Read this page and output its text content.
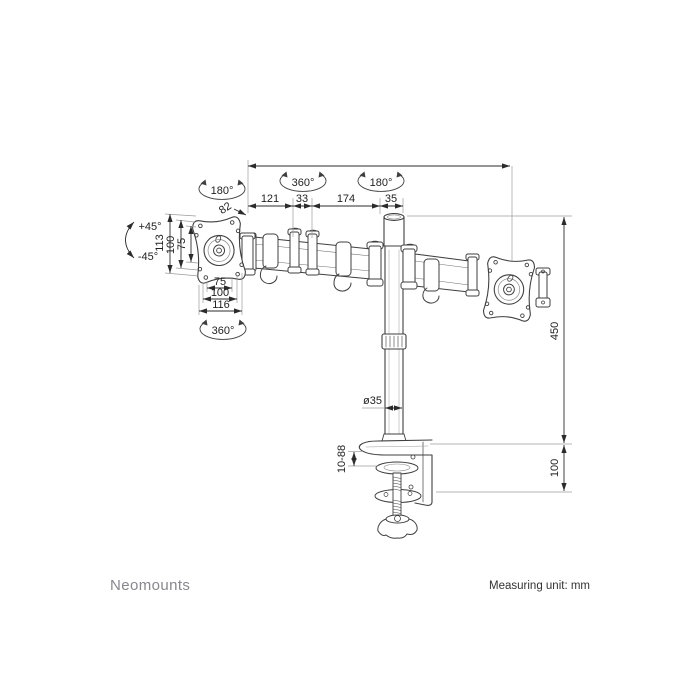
121 33	174	35
82
113 100 75
75
100
116
450
100
10-88
180°
360°	180°
360°
+45°
-45°
ø35
Neomounts	Measuring unit: mm
